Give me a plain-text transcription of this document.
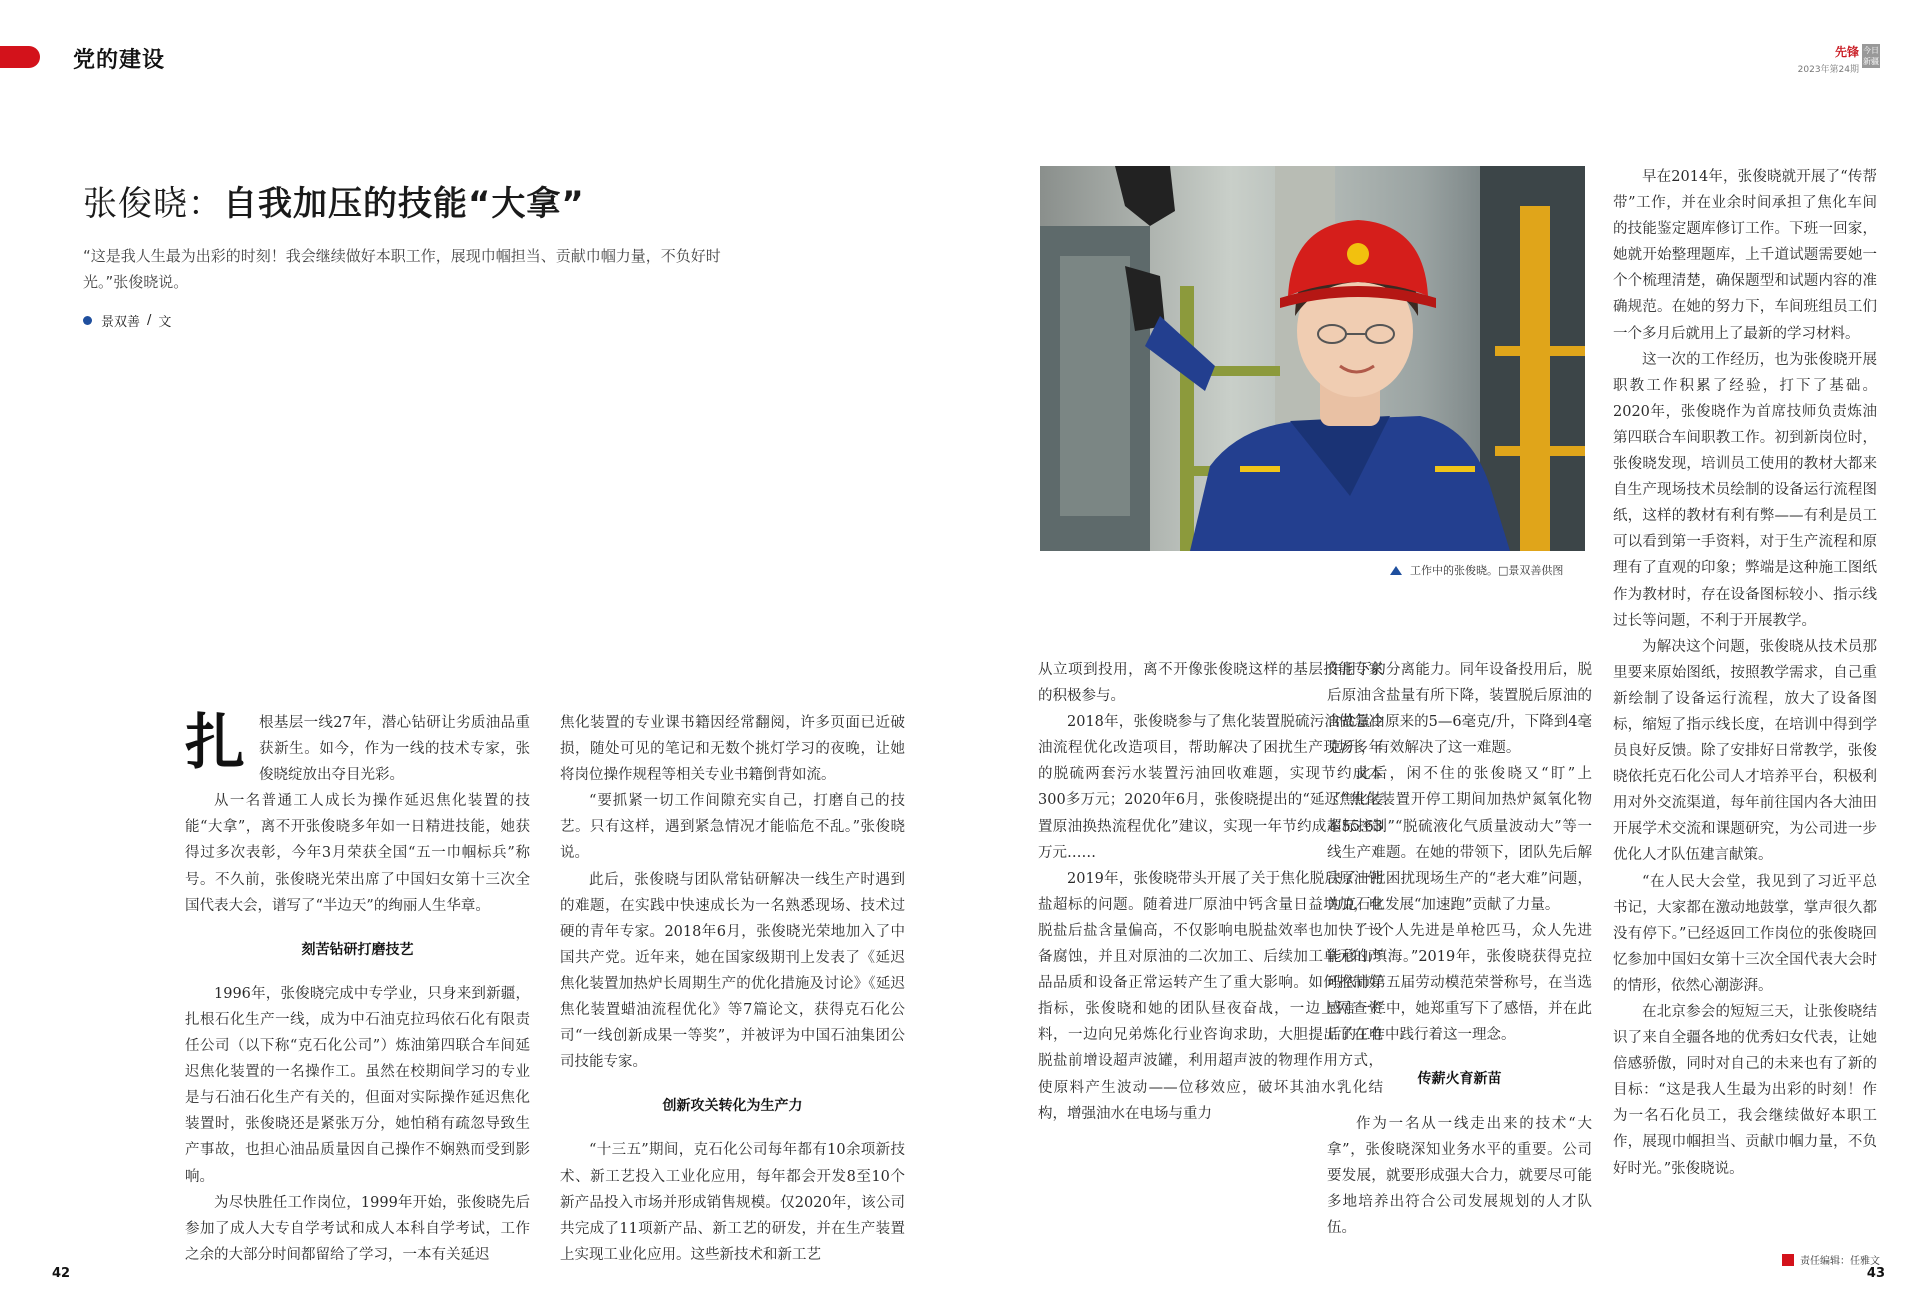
党的建设	先锋
2023年第24期
今日 新疆
张俊晓：自我加压的技能“大拿”
“这是我人生最为出彩的时刻！我会继续做好本职工作，展现巾帼担当、贡献巾帼力量，不负好时光。”张俊晓说。
景双善 / 文
扎 根基层一线27年，潜心钻研让劣质油品重获新生。如今，作为一线的技术专家，张俊晓绽放出夺目光彩。

从一名普通工人成长为操作延迟焦化装置的技能“大拿”，离不开张俊晓多年如一日精进技能，她获得过多次表彰，今年3月荣获全国“五一巾帼标兵”称号。不久前，张俊晓光荣出席了中国妇女第十三次全国代表大会，谱写了“半边天”的绚丽人生华章。

刻苦钻研打磨技艺

1996年，张俊晓完成中专学业，只身来到新疆，扎根石化生产一线，成为中石油克拉玛依石化有限责任公司（以下称“克石化公司”）炼油第四联合车间延迟焦化装置的一名操作工。虽然在校期间学习的专业是与石油石化生产有关的，但面对实际操作延迟焦化装置时，张俊晓还是紧张万分，她怕稍有疏忽导致生产事故，也担心油品质量因自己操作不娴熟而受到影响。

为尽快胜任工作岗位，1999年开始，张俊晓先后参加了成人大专自学考试和成人本科自学考试，工作之余的大部分时间都留给了学习，一本有关延迟

焦化装置的专业课书籍因经常翻阅，许多页面已近破损，随处可见的笔记和无数个挑灯学习的夜晚，让她将岗位操作规程等相关专业书籍倒背如流。

“要抓紧一切工作间隙充实自己，打磨自己的技艺。只有这样，遇到紧急情况才能临危不乱。”张俊晓说。

此后，张俊晓与团队常钻研解决一线生产时遇到的难题，在实践中快速成长为一名熟悉现场、技术过硬的青年专家。2018年6月，张俊晓光荣地加入了中国共产党。近年来，她在国家级期刊上发表了《延迟焦化装置加热炉长周期生产的优化措施及讨论》《延迟焦化装置蜡油流程优化》等7篇论文，获得克石化公司“一线创新成果一等奖”，并被评为中国石油集团公司技能专家。

创新攻关转化为生产力

“十三五”期间，克石化公司每年都有10余项新技术、新工艺投入工业化应用，每年都会开发8至10个新产品投入市场并形成销售规模。仅2020年，该公司共完成了11项新产品、新工艺的研发，并在生产装置上实现工业化应用。这些新技术和新工艺

工作中的张俊晓。□景双善供图

从立项到投用，离不开像张俊晓这样的基层技能专家的积极参与。

2018年，张俊晓参与了焦化装置脱硫污油做急冷油流程优化改造项目，帮助解决了困扰生产现场多年的脱硫两套污水装置污油回收难题，实现节约成本300多万元；2020年6月，张俊晓提出的“延迟焦化装置原油换热流程优化”建议，实现一年节约成本55.63万元……

2019年，张俊晓带头开展了关于焦化脱后原油钙盐超标的问题。随着进厂原油中钙含量日益增加，电脱盐后盐含量偏高，不仅影响电脱盐效率也加快了设备腐蚀，并且对原油的二次加工、后续加工单元的产品品质和设备正常运转产生了重大影响。如何控制好指标，张俊晓和她的团队昼夜奋战，一边上网查资料，一边向兄弟炼化行业咨询求助，大胆提出了在电脱盐前增设超声波罐，利用超声波的物理作用方式，使原料产生波动——位移效应，破坏其油水乳化结构，增强油水在电场与重力

作用下的分离能力。同年设备投用后，脱后原油含盐量有所下降，装置脱后原油的含盐量由原来的5—6毫克/升，下降到4毫克/升，有效解决了这一难题。

此后，闲不住的张俊晓又“盯”上了“焦化装置开停工期间加热炉氮氧化物超标控制”“脱硫液化气质量波动大”等一线生产难题。在她的带领下，团队先后解决了一批困扰现场生产的“老大难”问题，为克石化发展“加速跑”贡献了力量。

“一个人先进是单枪匹马，众人先进能移山填海。”2019年，张俊晓获得克拉玛依市第五届劳动模范荣誉称号，在当选感言一栏中，她郑重写下了感悟，并在此后的工作中践行着这一理念。

传薪火育新苗

作为一名从一线走出来的技术“大拿”，张俊晓深知业务水平的重要。公司要发展，就要形成强大合力，就要尽可能多地培养出符合公司发展规划的人才队伍。

早在2014年，张俊晓就开展了“传帮带”工作，并在业余时间承担了焦化车间的技能鉴定题库修订工作。下班一回家，她就开始整理题库，上千道试题需要她一个个梳理清楚，确保题型和试题内容的准确规范。在她的努力下，车间班组员工们一个多月后就用上了最新的学习材料。

这一次的工作经历，也为张俊晓开展职教工作积累了经验，打下了基础。2020年，张俊晓作为首席技师负责炼油第四联合车间职教工作。初到新岗位时，张俊晓发现，培训员工使用的教材大都来自生产现场技术员绘制的设备运行流程图纸，这样的教材有利有弊——有利是员工可以看到第一手资料，对于生产流程和原理有了直观的印象；弊端是这种施工图纸作为教材时，存在设备图标较小、指示线过长等问题，不利于开展教学。

为解决这个问题，张俊晓从技术员那里要来原始图纸，按照教学需求，自己重新绘制了设备运行流程，放大了设备图标，缩短了指示线长度，在培训中得到学员良好反馈。除了安排好日常教学，张俊晓依托克石化公司人才培养平台，积极利用对外交流渠道，每年前往国内各大油田开展学术交流和课题研究，为公司进一步优化人才队伍建言献策。

“在人民大会堂，我见到了习近平总书记，大家都在激动地鼓掌，掌声很久都没有停下。”已经返回工作岗位的张俊晓回忆参加中国妇女第十三次全国代表大会时的情形，依然心潮澎湃。

在北京参会的短短三天，让张俊晓结识了来自全疆各地的优秀妇女代表，让她倍感骄傲，同时对自己的未来也有了新的目标：“这是我人生最为出彩的时刻！作为一名石化员工，我会继续做好本职工作，展现巾帼担当、贡献巾帼力量，不负好时光。”张俊晓说。

42
责任编辑：任雅文
43
